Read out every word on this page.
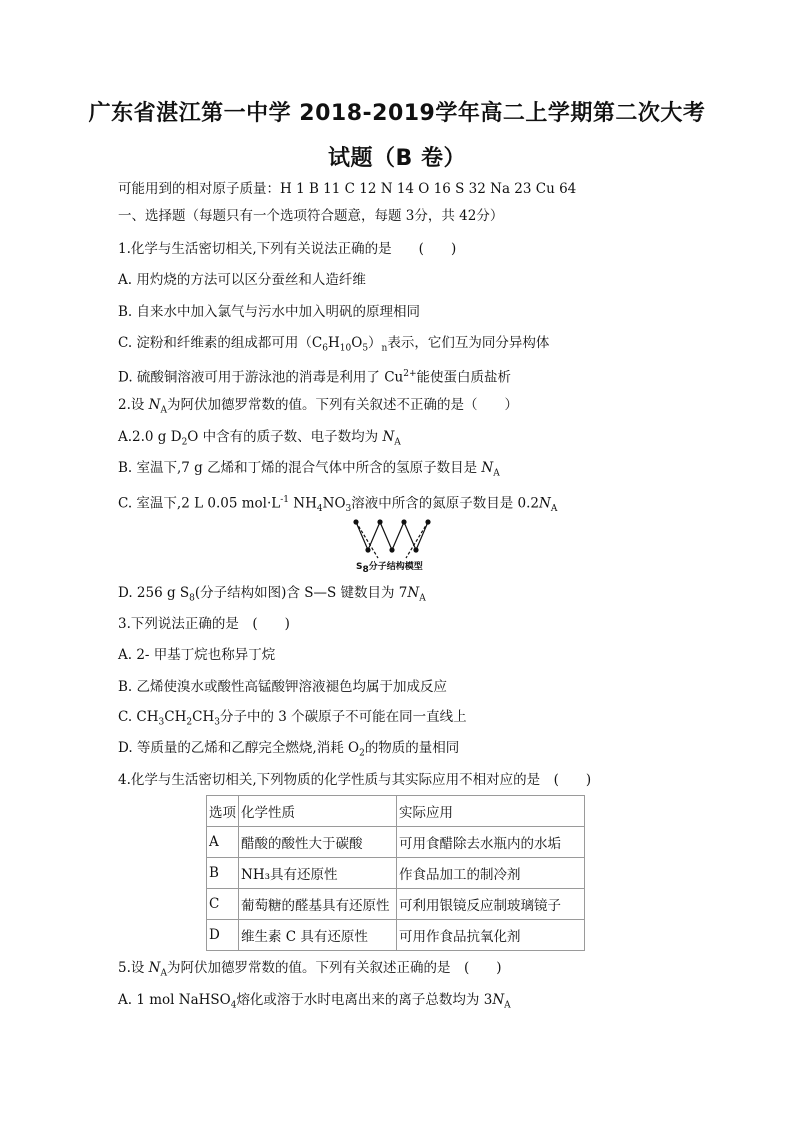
广东省湛江第一中学 2018-2019学年高二上学期第二次大考
试题（B 卷）
可能用到的相对原子质量：H 1 B 11 C 12 N 14 O 16 S 32 Na 23 Cu 64
一、选择题（每题只有一个选项符合题意，每题 3分，共 42分）
1.化学与生活密切相关,下列有关说法正确的是　　(　　)
A. 用灼烧的方法可以区分蚕丝和人造纤维
B. 自来水中加入氯气与污水中加入明矾的原理相同
C. 淀粉和纤维素的组成都可用$(C_6H_{10}O_5)_n$表示，它们互为同分异构体
D. 硫酸铜溶液可用于游泳池的消毒是利用了 $Cu^{2+}$能使蛋白质盐析
2.设 $N_A$为阿伏加德罗常数的值。下列有关叙述不正确的是（　　）
A.2.0 g $D_2O$ 中含有的质子数、电子数均为 $N_A$
B. 室温下,7 g 乙烯和丁烯的混合气体中所含的氢原子数目是 $N_A$
C. 室温下,2 L 0.05 $mol\cdot L^{-1}$ $NH_4NO_3$溶液中所含的氮原子数目是 $0.2N_A$
$S_8$分子结构模型
D. 256 g $S_8$(分子结构如图)含 S—S 键数目为 $7N_A$
3.下列说法正确的是　(　　)
A. 2- 甲基丁烷也称异丁烷
B. 乙烯使溴水或酸性高锰酸钾溶液褪色均属于加成反应
C. $CH_3CH_2CH_3$分子中的 3 个碳原子不可能在同一直线上
D. 等质量的乙烯和乙醇完全燃烧,消耗 $O_2$的物质的量相同
4.化学与生活密切相关,下列物质的化学性质与其实际应用不相对应的是　(　　)
选项	化学性质	实际应用
A	醋酸的酸性大于碳酸	可用食醋除去水瓶内的水垢
B	NH₃具有还原性	作食品加工的制冷剂
C	葡萄糖的醛基具有还原性	可利用银镜反应制玻璃镜子
D	维生素 C 具有还原性	可用作食品抗氧化剂
5.设 $N_A$为阿伏加德罗常数的值。下列有关叙述正确的是　(　　)
A. 1 mol NaHSO$_4$熔化或溶于水时电离出来的离子总数均为 $3N_A$
